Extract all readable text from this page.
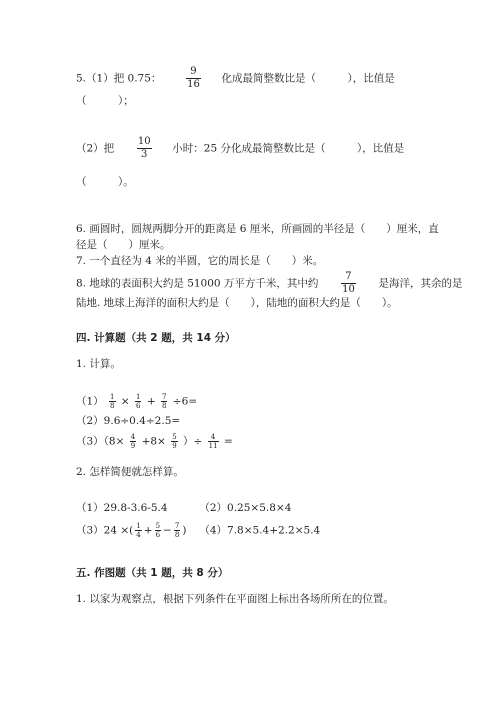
5.（1）把 0.75： $\frac{9}{16}$ 化成最简整数比是（　　　），比值是
（　　　）；
（2）把 $\frac{10}{3}$ 小时：25 分化成最简整数比是（　　　），比值是
（　　　）。
6. 画圆时，圆规两脚分开的距离是 6 厘米，所画圆的半径是（　　）厘米，直
径是（　　）厘米。
7. 一个直径为 4 米的半圆，它的周长是（　　）米。
8. 地球的表面积大约是 51000 万平方千米，其中约 $\frac{7}{10}$ 是海洋，其余的是
陆地. 地球上海洋的面积大约是（　　），陆地的面积大约是（　　）。
四. 计算题（共 2 题，共 14 分）
1. 计算。
$(1) \frac{1}{8} \times \frac{1}{6} + \frac{7}{8} \div 6=$
（2）9.6÷0.4÷2.5=
$(3)(8\times \frac{4}{9} +8\times \frac{5}{9}$ ）÷ $\frac{4}{11}$ =
2. 怎样简便就怎样算。
（1）29.8-3.6-5.4	（2）0.25×5.8×4
（3）24 ×( $\frac{1}{4} + \frac{5}{6} - \frac{7}{8}$ ) （4）7.8×5.4+2.2×5.4
五. 作图题（共 1 题，共 8 分）
1. 以家为观察点，根据下列条件在平面图上标出各场所所在的位置。
